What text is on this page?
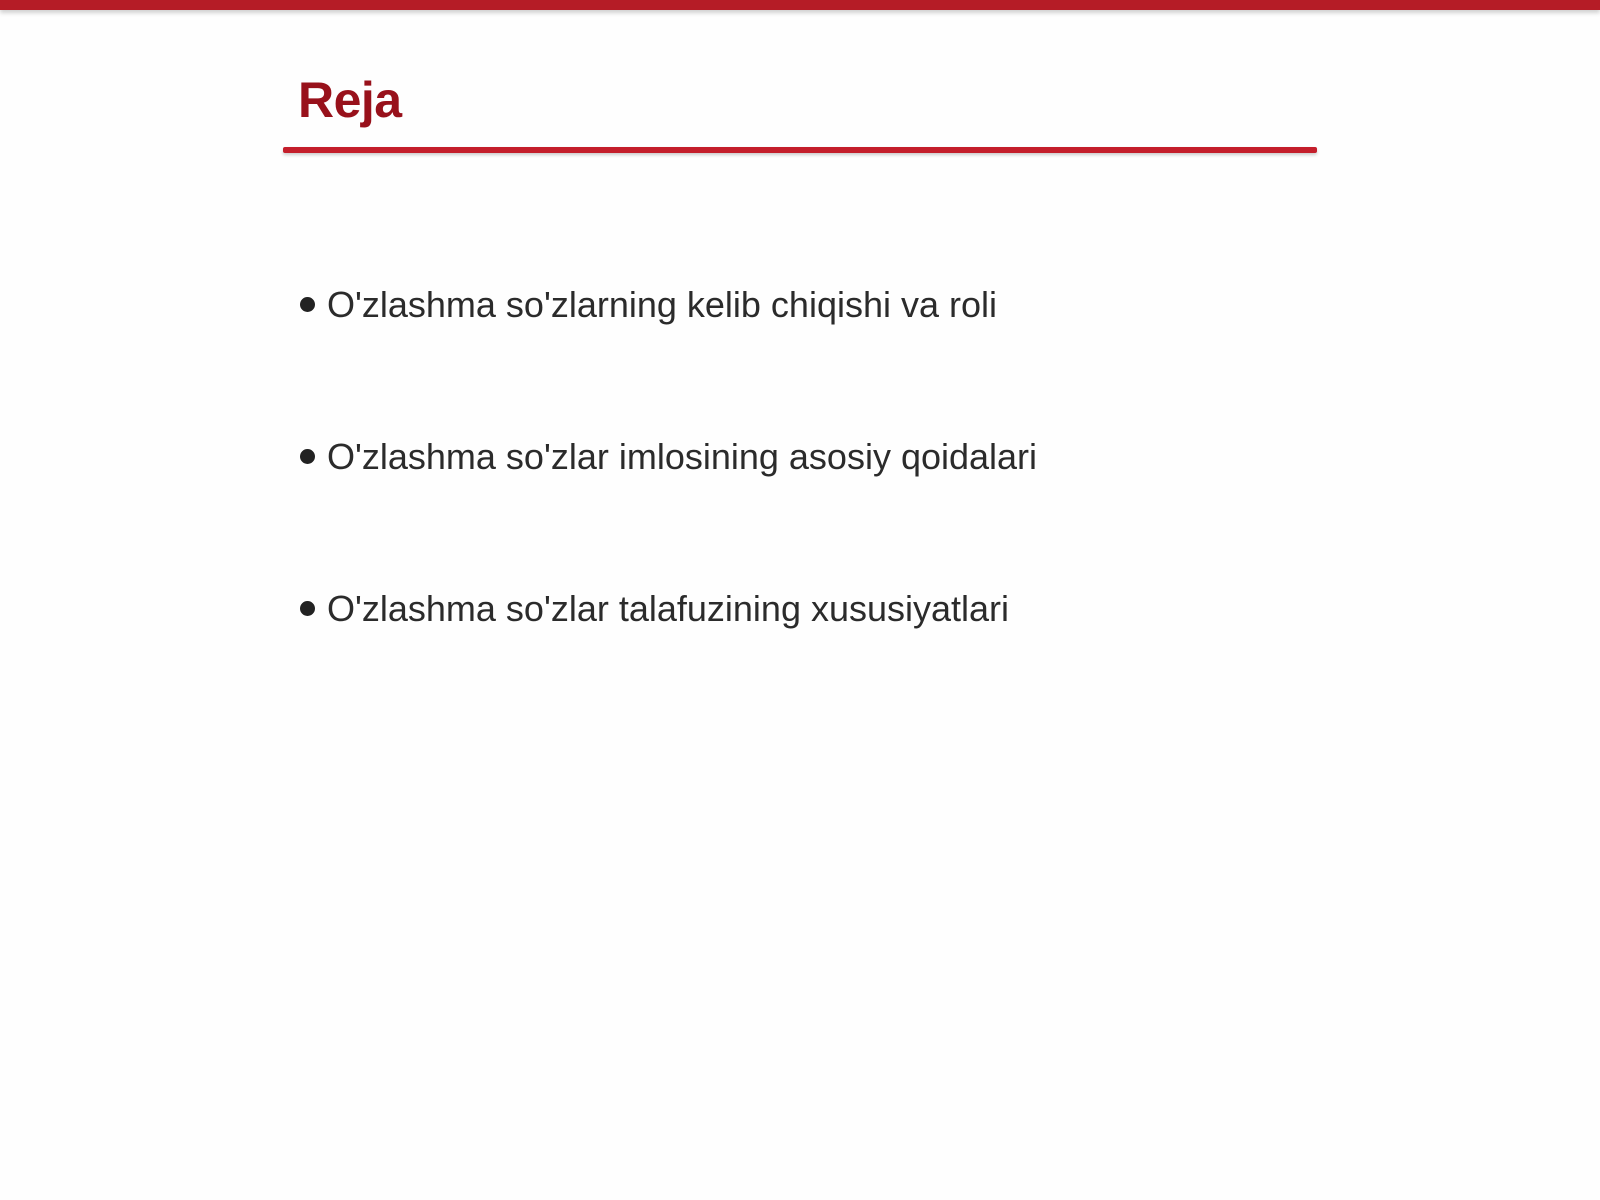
Reja
O'zlashma so'zlarning kelib chiqishi va roli
O'zlashma so'zlar imlosining asosiy qoidalari
O'zlashma so'zlar talafuzining xususiyatlari
